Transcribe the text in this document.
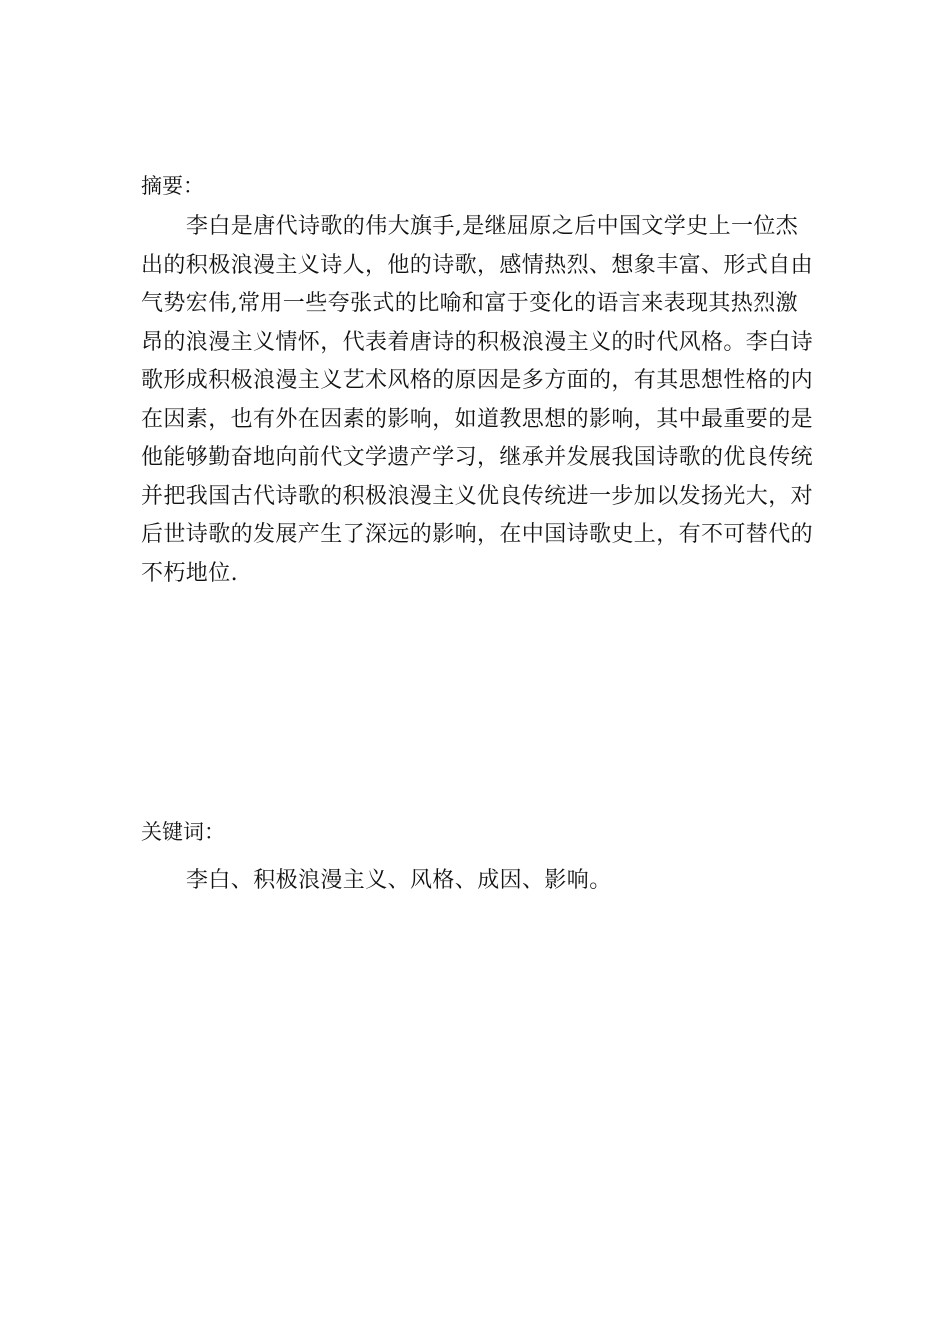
摘要：
李白是唐代诗歌的伟大旗手,是继屈原之后中国文学史上一位杰
出的积极浪漫主义诗人，他的诗歌，感情热烈、想象丰富、形式自由
气势宏伟,常用一些夸张式的比喻和富于变化的语言来表现其热烈激
昂的浪漫主义情怀，代表着唐诗的积极浪漫主义的时代风格。李白诗
歌形成积极浪漫主义艺术风格的原因是多方面的，有其思想性格的内
在因素，也有外在因素的影响，如道教思想的影响，其中最重要的是
他能够勤奋地向前代文学遗产学习，继承并发展我国诗歌的优良传统
并把我国古代诗歌的积极浪漫主义优良传统进一步加以发扬光大，对
后世诗歌的发展产生了深远的影响，在中国诗歌史上，有不可替代的
不朽地位.
关键词：
李白、积极浪漫主义、风格、成因、影响。
